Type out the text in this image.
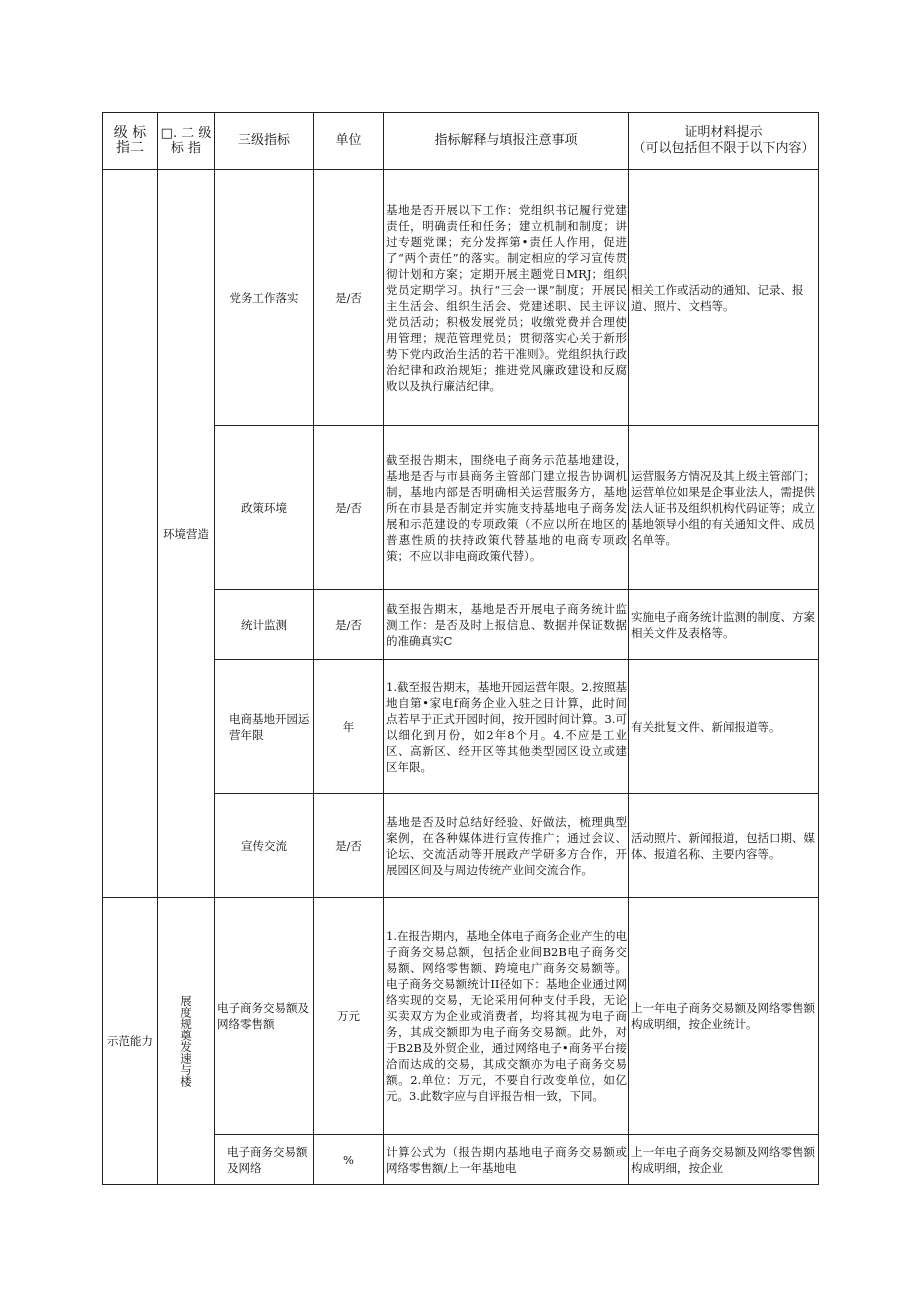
级 标 指二	□. 二 级 标 指	三级指标	单位	指标解释与填报注意事项	证明材料提示
（可以包括但不限于以下内容）
	环境营造	党务工作落实	是/否	基地是否开展以下工作：党组织书记履行党建责任，明确责任和任务；建立机制和制度；讲过专题党课；充分发挥第•责任人作用，促进了“两个责任”的落实。制定相应的学习宣传贯彻计划和方案；定期开展主题党日MRJ；组织党员定期学习。执行“三会一课”制度；开展民主生活会、组织生活会、党建述职、民主评议党员活动；积极发展党员；收缴党费并合理使用管理；规范管理党员；贯彻落实心关于新形势下党内政治生活的若干准则》。党组织执行政治纪律和政治规矩；推进党风廉政建设和反腐败以及执行廉洁纪律。	相关工作或活动的通知、记录、报道、照片、文档等。
		政策环境	是/否	截至报告期末，围绕电子商务示范基地建设，基地是否与市县商务主管部门建立报告协调机制，基地内部是否明确相关运营服务方，基地所在市县是否制定并实施支持基地电子商务发展和示范建设的专项政策（不应以所在地区的普惠性质的扶持政策代替基地的电商专项政策；不应以非电商政策代替）。	运营服务方情况及其上级主管部门；运营单位如果是企事业法人，需提供法人证书及组织机构代码证等；成立基地领导小组的有关通知文件、成员名单等。
		统计监测	是/否	截至报告期末，基地是否开展电子商务统计监测工作：是否及时上报信息、数据并保证数据的准确真实C	实施电子商务统计监测的制度、方案相关文件及表格等。
		电商基地开园运营年限	年	1.截至报告期末，基地开园运营年限。2.按照基地自第•家电f商务企业入驻之日计算，此时间点若早于正式开园时间，按开园时间计算。3.可以细化到月份，如2年8个月。4.不应是工业区、高新区、经开区等其他类型园区设立或建区年限。	有关批复文件、新闻报道等。
		宣传交流	是/否	基地是否及时总结好经验、好做法，梳理典型案例，在各种媒体进行宣传推广；通过会议、论坛、交流活动等开展政产学研多方合作，开展园区间及与周边传统产业间交流合作。	活动照片、新闻报道，包括口期、媒体、报道名称、主要内容等。
示范能力	展度规奠发速与楼	电子商务交易额及网络零售额	万元	1.在报告期内，基地全体电子商务企业产生的电子商务交易总额，包括企业间B2B电子商务交易额、网络零售额、跨境电广商务交易额等。电子商务交易额统计II径如下：基地企业通过网络实现的交易，无论采用何种支付手段，无论买卖双方为企业或消费者，均将其视为电子商务，其成交额即为电子商务交易额。此外，对于B2B及外贸企业，通过网络电子•商务平台接洽而达成的交易，其成交额亦为电子商务交易额。2.单位：万元，不要自行改变单位，如亿元。3.此数字应与自评报告相一致，下同。	上一年电子商务交易额及网络零售额构成明细，按企业统计。
		电子商务交易额及网络	%	计算公式为（报告期内基地电子商务交易额或网络零售额/上一年基地电	上一年电子商务交易额及网络零售额构成明细，按企业
